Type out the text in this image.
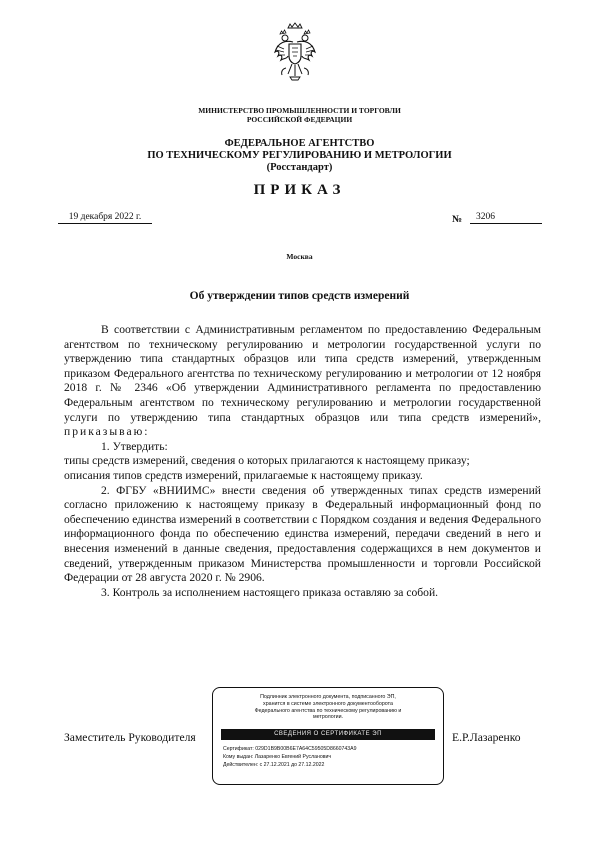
МИНИСТЕРСТВО ПРОМЫШЛЕННОСТИ И ТОРГОВЛИ
РОССИЙСКОЙ ФЕДЕРАЦИИ
ФЕДЕРАЛЬНОЕ АГЕНТСТВО
ПО ТЕХНИЧЕСКОМУ РЕГУЛИРОВАНИЮ И МЕТРОЛОГИИ
(Росстандарт)
ПРИКАЗ
19 декабря 2022 г.	№	3206
Москва
Об утверждении типов средств измерений

В соответствии с Административным регламентом по предоставлению Федеральным агентством по техническому регулированию и метрологии государственной услуги по утверждению типа стандартных образцов или типа средств измерений, утвержденным приказом Федерального агентства по техническому регулированию и метрологии от 12 ноября 2018 г. № 2346 «Об утверждении Административного регламента по предоставлению Федеральным агентством по техническому регулированию и метрологии государственной услуги по утверждению типа стандартных образцов или типа средств измерений», приказываю:

1. Утвердить:

типы средств измерений, сведения о которых прилагаются к настоящему приказу;

описания типов средств измерений, прилагаемые к настоящему приказу.

2. ФГБУ «ВНИИМС» внести сведения об утвержденных типах средств измерений согласно приложению к настоящему приказу в Федеральный информационный фонд по обеспечению единства измерений в соответствии с Порядком создания и ведения Федерального информационного фонда по обеспечению единства измерений, передачи сведений в него и внесения изменений в данные сведения, предоставления содержащихся в нем документов и сведений, утвержденным приказом Министерства промышленности и торговли Российской Федерации от 28 августа 2020 г. № 2906.

3. Контроль за исполнением настоящего приказа оставляю за собой.

Заместитель Руководителя	Е.Р.Лазаренко
Подлинник электронного документа, подписанного ЭП,
хранится в системе электронного документооборота
Федерального агентства по техническому регулированию и
метрологии.
СВЕДЕНИЯ О СЕРТИФИКАТЕ ЭП
Сертификат: 029D1B9B00B6E7A64C59505D8660743A9
Кому выдан: Лазаренко Евгений Русланович
Действителен: с 27.12.2021 до 27.12.2022
